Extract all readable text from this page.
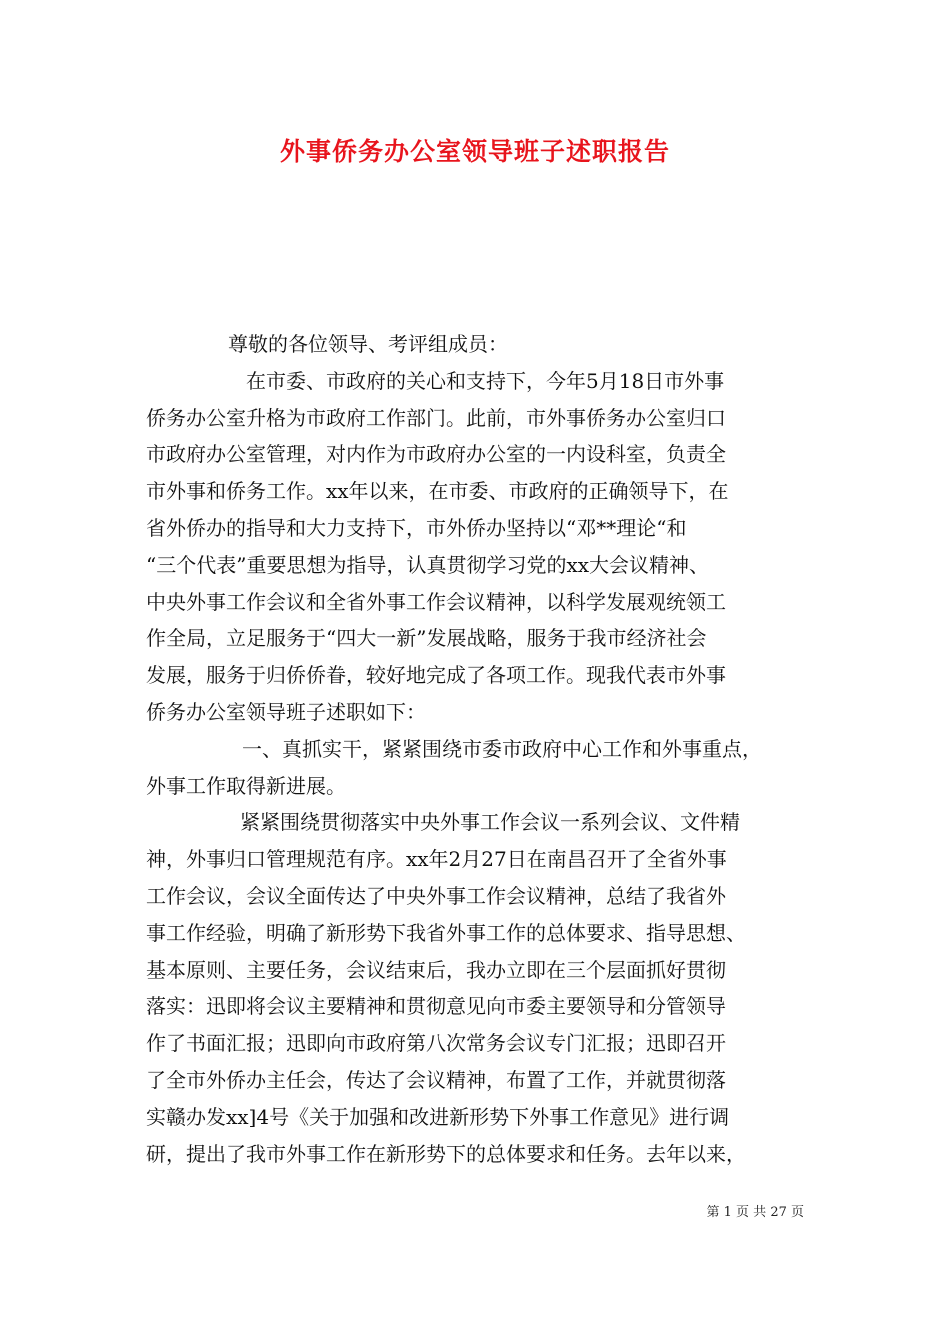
外事侨务办公室领导班子述职报告

尊敬的各位领导、考评组成员：

在市委、市政府的关心和支持下，今年5月18日市外事
侨务办公室升格为市政府工作部门。此前，市外事侨务办公室归口
市政府办公室管理，对内作为市政府办公室的一内设科室，负责全
市外事和侨务工作。xx年以来，在市委、市政府的正确领导下，在
省外侨办的指导和大力支持下，市外侨办坚持以“邓**理论“和
“三个代表”重要思想为指导，认真贯彻学习党的xx大会议精神、
中央外事工作会议和全省外事工作会议精神，以科学发展观统领工
作全局，立足服务于“四大一新”发展战略，服务于我市经济社会
发展，服务于归侨侨眷，较好地完成了各项工作。现我代表市外事
侨务办公室领导班子述职如下：

一、真抓实干，紧紧围绕市委市政府中心工作和外事重点，
外事工作取得新进展。

紧紧围绕贯彻落实中央外事工作会议一系列会议、文件精
神，外事归口管理规范有序。xx年2月27日在南昌召开了全省外事
工作会议，会议全面传达了中央外事工作会议精神，总结了我省外
事工作经验，明确了新形势下我省外事工作的总体要求、指导思想、
基本原则、主要任务，会议结束后，我办立即在三个层面抓好贯彻
落实：迅即将会议主要精神和贯彻意见向市委主要领导和分管领导
作了书面汇报；迅即向市政府第八次常务会议专门汇报；迅即召开
了全市外侨办主任会，传达了会议精神，布置了工作，并就贯彻落
实赣办发xx]4号《关于加强和改进新形势下外事工作意见》进行调
研，提出了我市外事工作在新形势下的总体要求和任务。去年以来，

第 1 页 共 27 页
